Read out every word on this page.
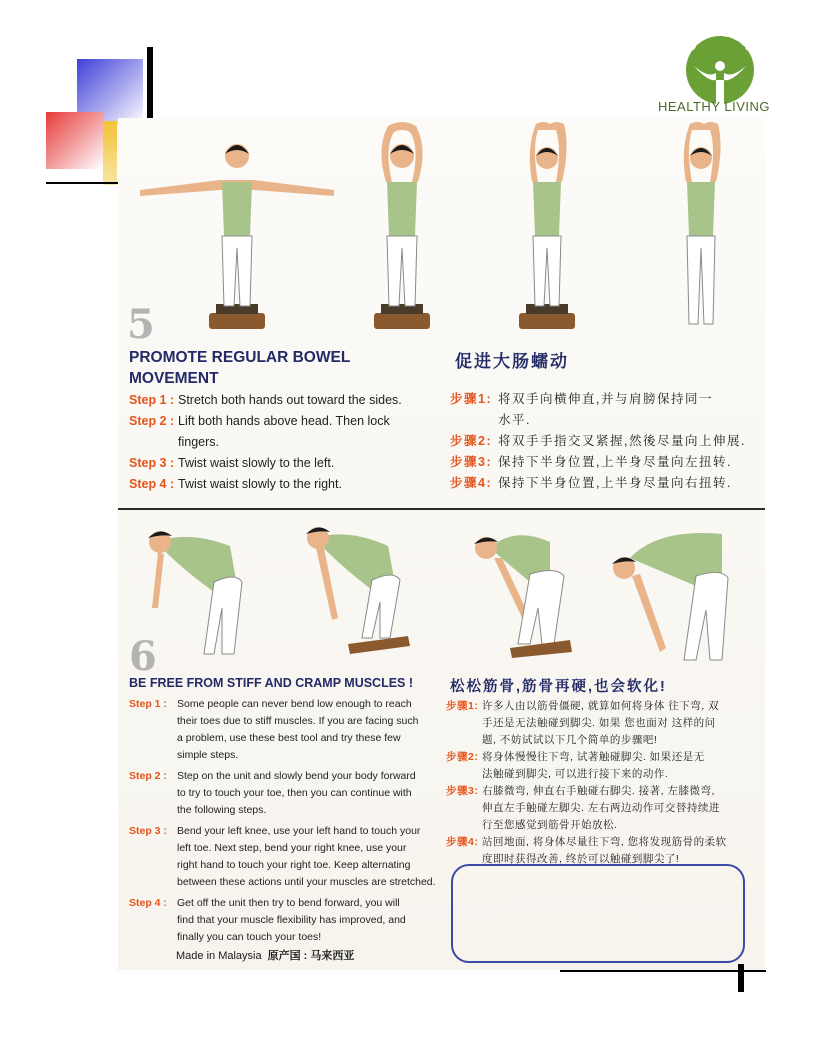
SAMSON
HEALTHY LIVING
5
PROMOTE REGULAR BOWEL
MOVEMENT
促进大肠蠕动
Step 1 : Stretch both hands out toward the sides.
Step 2 : Lift both hands above head. Then lock
fingers.
Step 3 : Twist waist slowly to the left.
Step 4 : Twist waist slowly to the right.
步骤1: 将双手向横伸直,并与肩膀保持同一
水平.
步骤2: 将双手手指交叉紧握,然後尽量向上伸展.
步骤3: 保持下半身位置,上半身尽量向左扭转.
步骤4: 保持下半身位置,上半身尽量向右扭转.
6
BE FREE FROM STIFF AND CRAMP MUSCLES !	松松筋骨,筋骨再硬,也会软化!
Step 1 : Some people can never bend low enough to reach
their toes due to stiff muscles. If you are facing such
a problem, use these best tool and try these few
simple steps.
Step 2 : Step on the unit and slowly bend your body forward
to try to touch your toe, then you can continue with
the following steps.
Step 3 : Bend your left knee, use your left hand to touch your
left toe. Next step, bend your right knee, use your
right hand to touch your right toe. Keep alternating
between these actions until your muscles are stretched.
Step 4 : Get off the unit then try to bend forward, you will
find that your muscle flexibility has improved, and
finally you can touch your toes!
步骤1: 许多人由以筋骨僵硬, 就算如何将身体 往下弯, 双
手还是无法触碰到脚尖. 如果 您也面对 这样的问
题, 不妨试试以下几个简单的步骤吧!
步骤2: 将身体慢慢往下弯, 试著触碰脚尖. 如果还是无
法触碰到脚尖, 可以进行接下来的动作.
步骤3: 右膝微弯, 伸直右手触碰右脚尖. 接著, 左膝微弯,
伸直左手触碰左脚尖. 左右两边动作可交替持续进
行至您感觉到筋骨开始放松.
步骤4: 站回地面, 将身体尽量往下弯, 您将发现筋骨的柔软
度即时获得改善, 终於可以触碰到脚尖了!
Made in Malaysia 原产国 : 马来西亚
